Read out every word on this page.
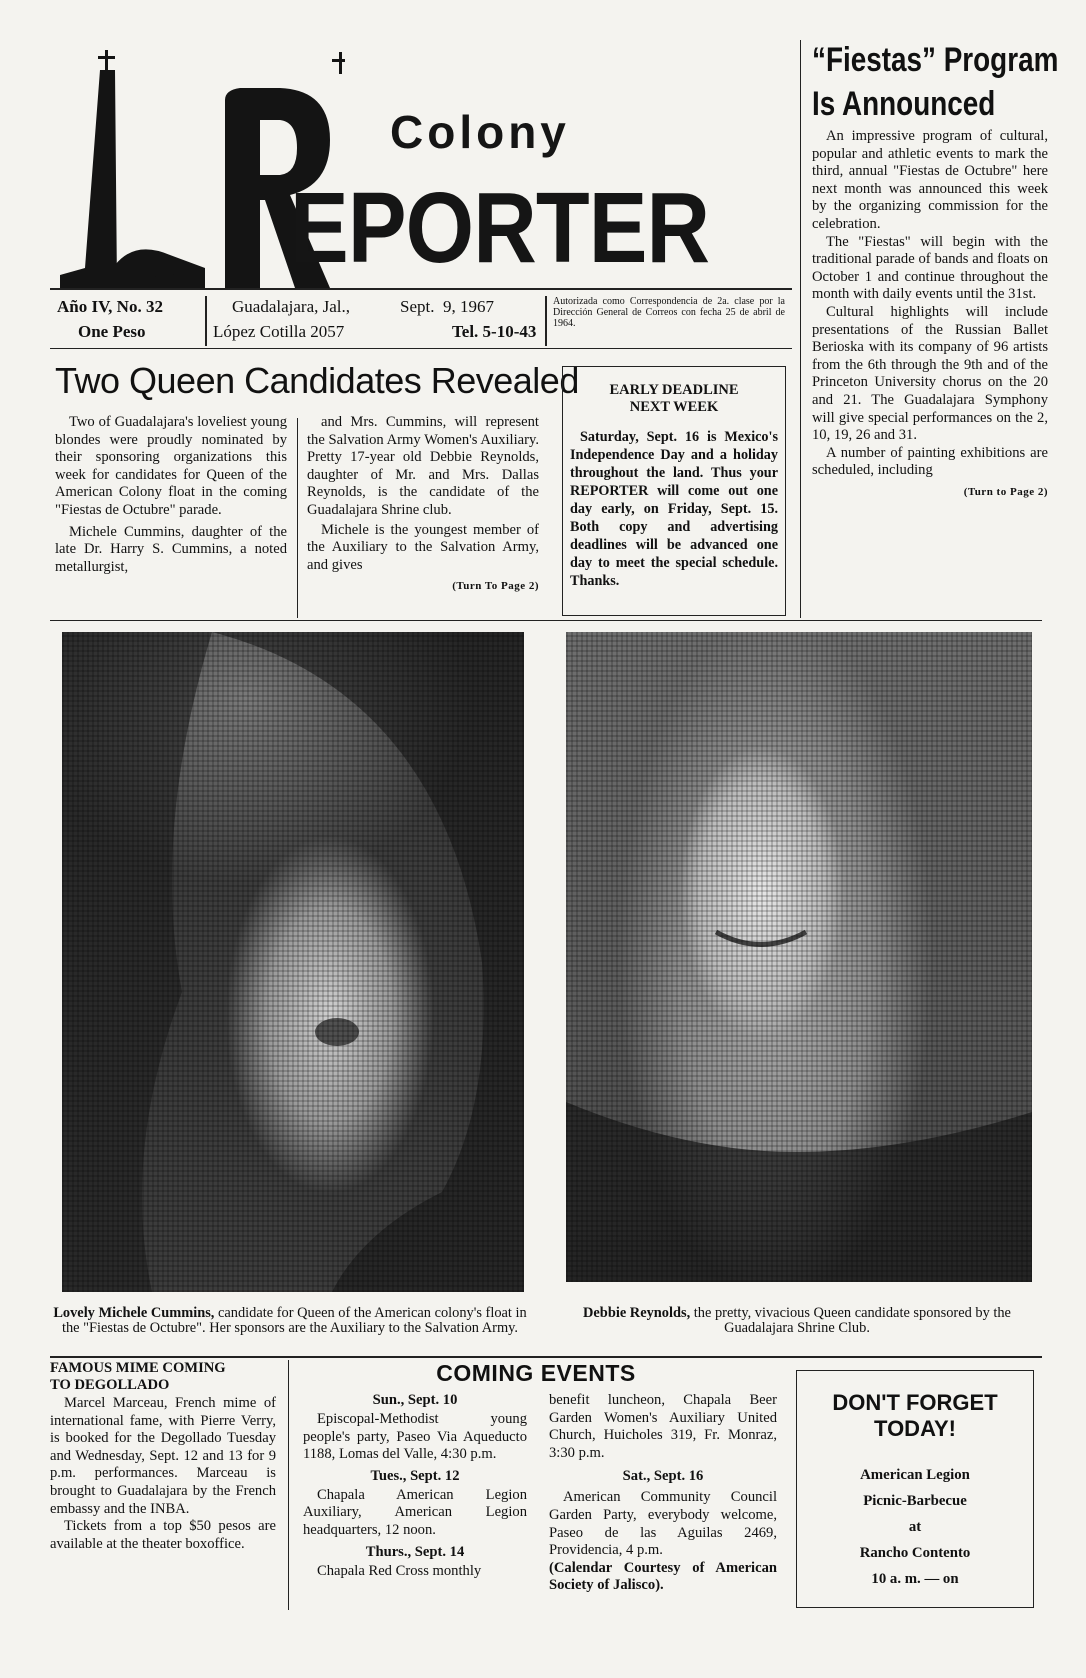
Colony
EPORTER
Año IV, No. 32
One Peso
Guadalajara, Jal.,	Sept.  9, 1967
López Cotilla 2057	Tel. 5-10-43
Autorizada como Correspondencia de 2a. clase por la Dirección General de Correos con fecha 25 de abril de 1964.
Two Queen Candidates Revealed

Two of Guadalajara's loveliest young blondes were proudly nominated by their sponsoring organizations this week for candidates for Queen of the American Colony float in the coming "Fiestas de Octubre" parade.

Michele Cummins, daughter of the late Dr. Harry S. Cummins, a noted metallurgist,

and Mrs. Cummins, will represent the Salvation Army Women's Auxiliary. Pretty 17-year old Debbie Reynolds, daughter of Mr. and Mrs. Dallas Reynolds, is the candidate of the Guadalajara Shrine club.

Michele is the youngest member of the Auxiliary to the Salvation Army, and gives

(Turn To Page 2)
EARLY DEADLINE
NEXT WEEK

Saturday, Sept. 16 is Mexico's Independence Day and a holiday throughout the land. Thus your REPORTER will come out one day early, on Friday, Sept. 15. Both copy and advertising deadlines will be advanced one day to meet the special schedule. Thanks.

“Fiestas” Program
Is Announced

An impressive program of cultural, popular and athletic events to mark the third, annual "Fiestas de Octubre" here next month was announced this week by the organizing commission for the celebration.

The "Fiestas" will begin with the traditional parade of bands and floats on October 1 and continue throughout the month with daily events until the 31st.

Cultural highlights will include presentations of the Russian Ballet Berioska with its company of 96 artists from the 6th through the 9th and of the Princeton University chorus on the 20 and 21. The Guadalajara Symphony will give special performances on the 2, 10, 19, 26 and 31.

A number of painting exhibitions are scheduled, including

(Turn to Page 2)

Lovely Michele Cummins, candidate for Queen of the American colony's float in the "Fiestas de Octubre". Her sponsors are the Auxiliary to the Salvation Army.

Debbie Reynolds, the pretty, vivacious Queen candidate sponsored by the Guadalajara Shrine Club.

FAMOUS MIME COMING
TO DEGOLLADO

Marcel Marceau, French mime of international fame, with Pierre Verry, is booked for the Degollado Tuesday and Wednesday, Sept. 12 and 13 for 9 p.m. performances. Marceau is brought to Guadalajara by the French embassy and the INBA.

Tickets from a top $50 pesos are available at the theater boxoffice.

COMING EVENTS
Sun., Sept. 10

Episcopal-Methodist young people's party, Paseo Via Aqueducto 1188, Lomas del Valle, 4:30 p.m.

Tues., Sept. 12

Chapala American Legion Auxiliary, American Legion headquarters, 12 noon.

Thurs., Sept. 14

Chapala Red Cross monthly

benefit luncheon, Chapala Beer Garden Women's Auxiliary United Church, Huicholes 319, Fr. Monraz, 3:30 p.m.

Sat., Sept. 16

American Community Council Garden Party, everybody welcome, Paseo de las Aguilas 2469, Providencia, 4 p.m.

(Calendar Courtesy of American Society of Jalisco).

DON'T FORGET
TODAY!
American Legion
Picnic-Barbecue
at
Rancho Contento
10 a. m. — on
